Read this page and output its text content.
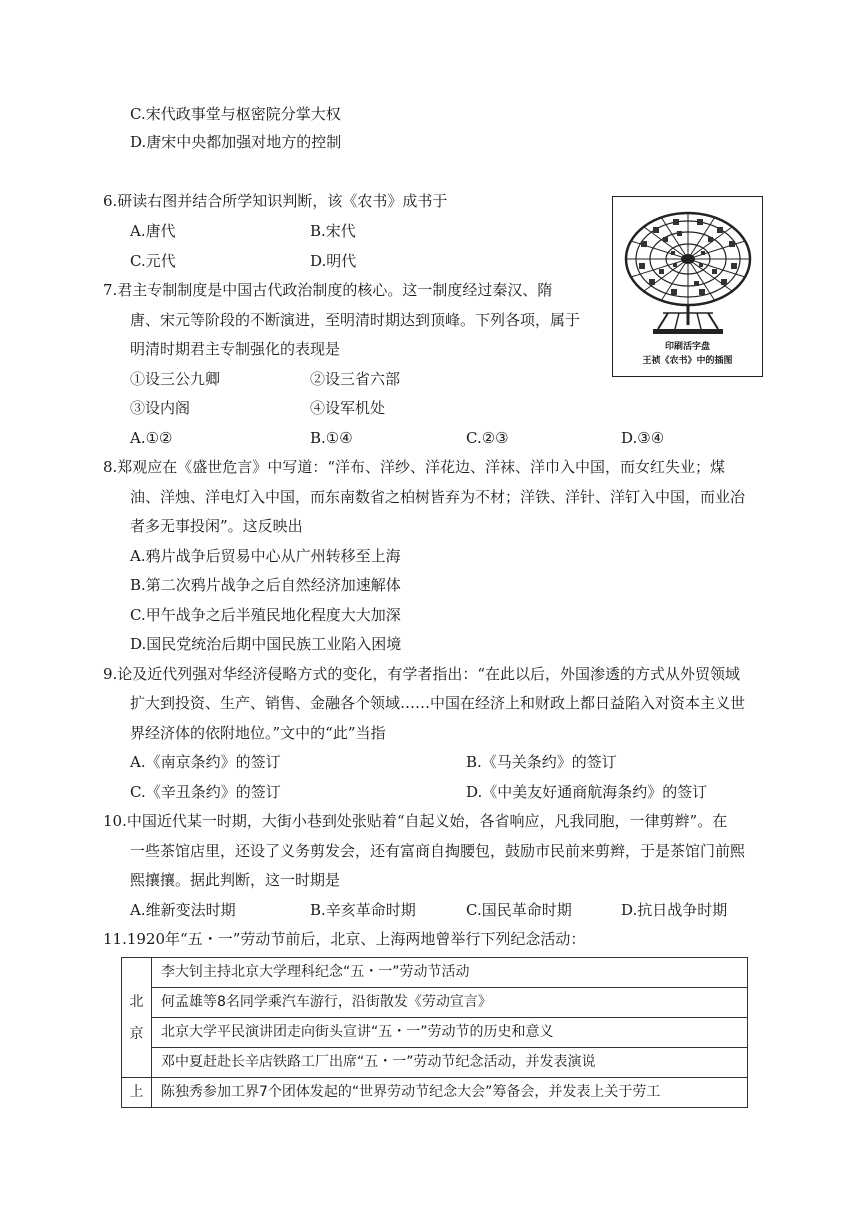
C.宋代政事堂与枢密院分掌大权
D.唐宋中央都加强对地方的控制
6.研读右图并结合所学知识判断，该《农书》成书于
A.唐代	B.宋代
C.元代	D.明代
印刷活字盘
王祯《农书》中的插图
7.君主专制制度是中国古代政治制度的核心。这一制度经过秦汉、隋
唐、宋元等阶段的不断演进，至明清时期达到顶峰。下列各项，属于
明清时期君主专制强化的表现是
①设三公九卿	②设三省六部
③设内阁	④设军机处
A.①②	B.①④	C.②③	D.③④
8.郑观应在《盛世危言》中写道：“洋布、洋纱、洋花边、洋袜、洋巾入中国，而女红失业；煤
油、洋烛、洋电灯入中国，而东南数省之柏树皆弃为不材；洋铁、洋针、洋钉入中国，而业冶
者多无事投闲”。这反映出
A.鸦片战争后贸易中心从广州转移至上海
B.第二次鸦片战争之后自然经济加速解体
C.甲午战争之后半殖民地化程度大大加深
D.国民党统治后期中国民族工业陷入困境
9.论及近代列强对华经济侵略方式的变化，有学者指出：“在此以后，外国渗透的方式从外贸领域
扩大到投资、生产、销售、金融各个领域……中国在经济上和财政上都日益陷入对资本主义世
界经济体的依附地位。”文中的“此”当指
A.《南京条约》的签订	B.《马关条约》的签订
C.《辛丑条约》的签订	D.《中美友好通商航海条约》的签订
10.中国近代某一时期，大街小巷到处张贴着“自起义始，各省响应，凡我同胞，一律剪辫”。在
一些茶馆店里，还设了义务剪发会，还有富商自掏腰包，鼓励市民前来剪辫，于是茶馆门前熙
熙攘攘。据此判断，这一时期是
A.维新变法时期	B.辛亥革命时期	C.国民革命时期	D.抗日战争时期
11.1920年“五・一”劳动节前后，北京、上海两地曾举行下列纪念活动：
北
京	李大钊主持北京大学理科纪念“五・一”劳动节活动
	何孟雄等8名同学乘汽车游行，沿街散发《劳动宣言》
	北京大学平民演讲团走向街头宣讲“五・一”劳动节的历史和意义
	邓中夏赶赴长辛店铁路工厂出席“五・一”劳动节纪念活动，并发表演说

上	陈独秀参加工界7个团体发起的“世界劳动节纪念大会”筹备会，并发表上关于劳工
